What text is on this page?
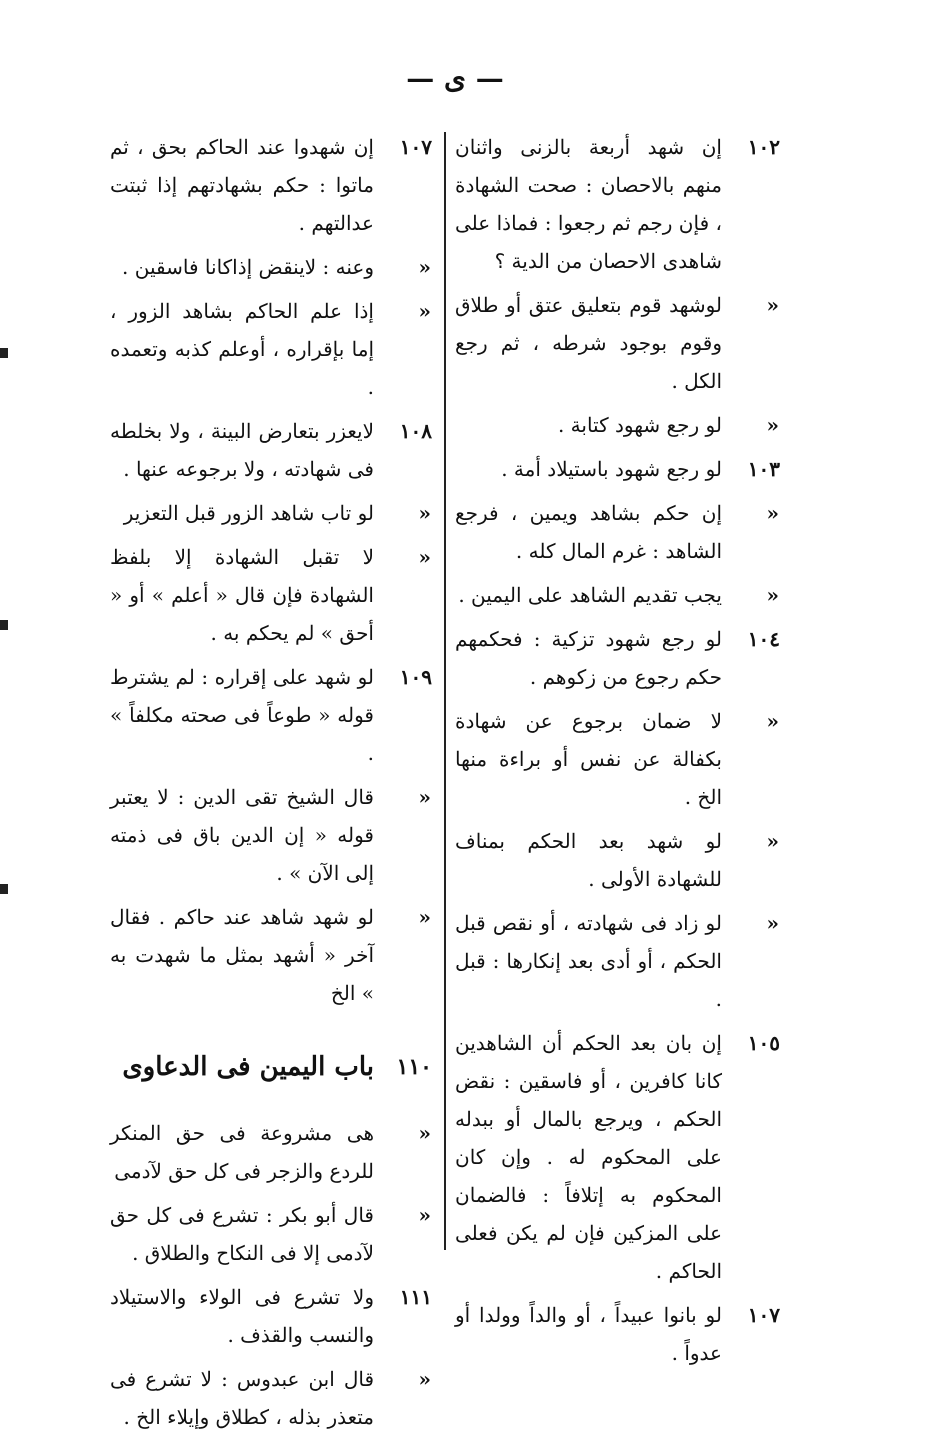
— ى —
١٠٢
إن شهد أربعة بالزنى واثنان منهم بالاحصان : صحت الشهادة ، فإن رجم ثم رجعوا : فماذا على شاهدى الاحصان من الدية ؟
«
لوشهد قوم بتعليق عتق أو طلاق وقوم بوجود شرطه ، ثم رجع الكل .
«
لو رجع شهود كتابة .
١٠٣
لو رجع شهود باستيلاد أمة .
«
إن حكم بشاهد ويمين ، فرجع الشاهد : غرم المال كله .
«
يجب تقديم الشاهد على اليمين .
١٠٤
لو رجع شهود تزكية : فحكمهم حكم رجوع من زكوهم .
«
لا ضمان برجوع عن شهادة بكفالة عن نفس أو براءة منها الخ .
«
لو شهد بعد الحكم بمناف للشهادة الأولى .
«
لو زاد فى شهادته ، أو نقص قبل الحكم ، أو أدى بعد إنكارها : قبل .
١٠٥
إن بان بعد الحكم أن الشاهدين كانا كافرين ، أو فاسقين : نقض الحكم ، ويرجع بالمال أو ببدله على المحكوم له . وإن كان المحكوم به إتلافاً : فالضمان على المزكين فإن لم يكن فعلى الحاكم .
١٠٧
لو بانوا عبيداً ، أو والداً وولدا أو عدواً .
١٠٧
إن شهدوا عند الحاكم بحق ، ثم ماتوا : حكم بشهادتهم إذا ثبتت عدالتهم .
«
وعنه : لاينقض إذاكانا فاسقين .
«
إذا علم الحاكم بشاهد الزور ، إما بإقراره ، أوعلم كذبه وتعمده .
١٠٨
لايعزر بتعارض البينة ، ولا بخلطه فى شهادته ، ولا برجوعه عنها .
«
لو تاب شاهد الزور قبل التعزير
«
لا تقبل الشهادة إلا بلفظ الشهادة فإن قال « أعلم » أو « أحق » لم يحكم به .
١٠٩
لو شهد على إقراره : لم يشترط قوله « طوعاً فى صحته مكلفاً » .
«
قال الشيخ تقى الدين : لا يعتبر قوله « إن الدين باق فى ذمته إلى الآن » .
«
لو شهد شاهد عند حاكم . فقال آخر « أشهد بمثل ما شهدت به » الخ
١١٠
باب اليمين فى الدعاوى
«
هى مشروعة فى حق المنكر للردع والزجر فى كل حق لآدمى
«
قال أبو بكر : تشرع فى كل حق لآدمى إلا فى النكاح والطلاق .
١١١
ولا تشرع فى الولاء والاستيلاد والنسب والقذف .
«
قال ابن عبدوس : لا تشرع فى متعذر بذله ، كطلاق وإيلاء الخ .
